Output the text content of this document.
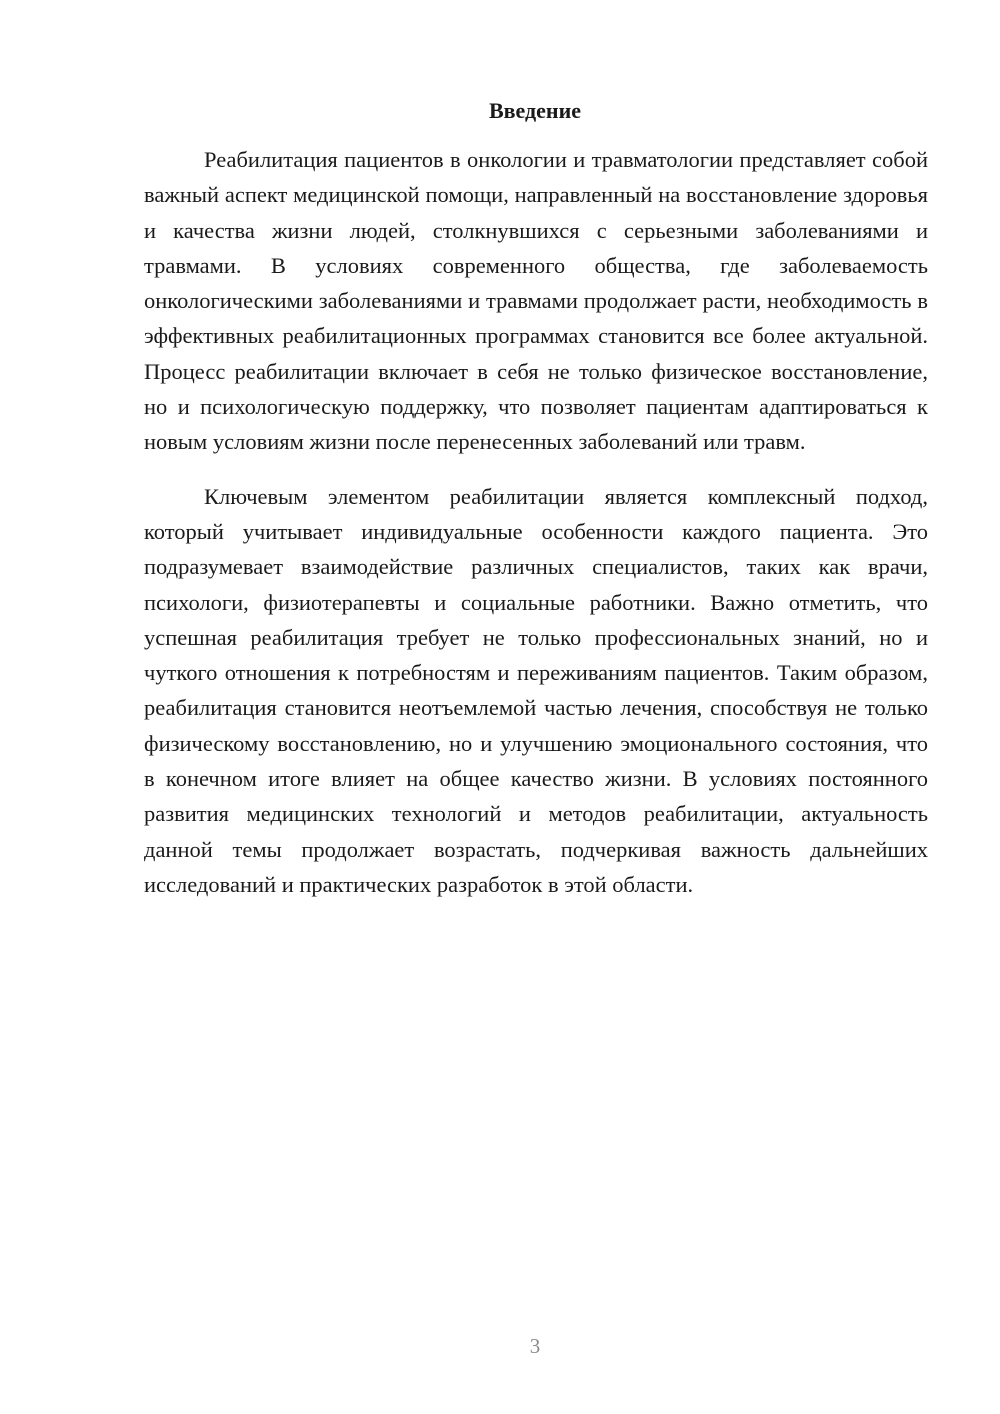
Введение

Реабилитация пациентов в онкологии и травматологии представляет собой важный аспект медицинской помощи, направленный на восстановление здоровья и качества жизни людей, столкнувшихся с серьезными заболеваниями и травмами. В условиях современного общества, где заболеваемость онкологическими заболеваниями и травмами продолжает расти, необходимость в эффективных реабилитационных программах становится все более актуальной. Процесс реабилитации включает в себя не только физическое восстановление, но и психологическую поддержку, что позволяет пациентам адаптироваться к новым условиям жизни после перенесенных заболеваний или травм.

Ключевым элементом реабилитации является комплексный подход, который учитывает индивидуальные особенности каждого пациента. Это подразумевает взаимодействие различных специалистов, таких как врачи, психологи, физиотерапевты и социальные работники. Важно отметить, что успешная реабилитация требует не только профессиональных знаний, но и чуткого отношения к потребностям и переживаниям пациентов. Таким образом, реабилитация становится неотъемлемой частью лечения, способствуя не только физическому восстановлению, но и улучшению эмоционального состояния, что в конечном итоге влияет на общее качество жизни. В условиях постоянного развития медицинских технологий и методов реабилитации, актуальность данной темы продолжает возрастать, подчеркивая важность дальнейших исследований и практических разработок в этой области.

3
